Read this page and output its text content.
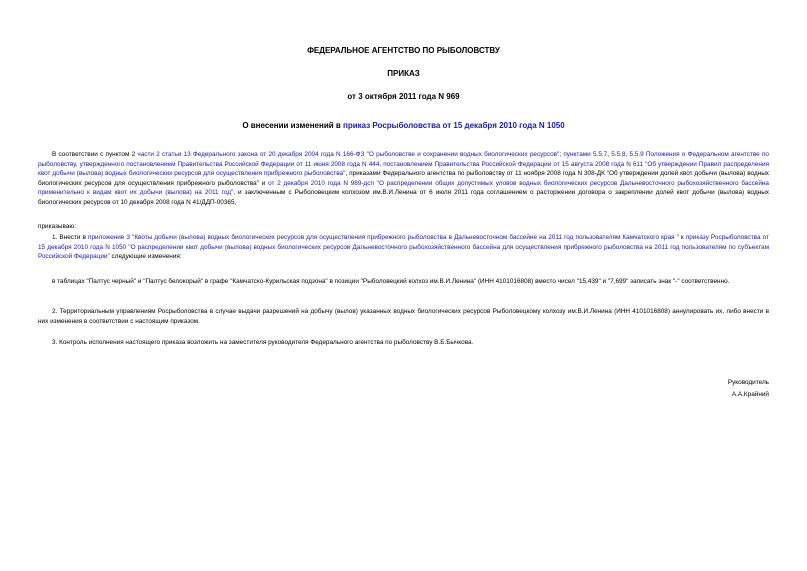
ФЕДЕРАЛЬНОЕ АГЕНТСТВО ПО РЫБОЛОВСТВУ
ПРИКАЗ
от 3 октября 2011 года N 969
О внесении изменений в приказ Росрыболовства от 15 декабря 2010 года N 1050
В соответствии с пунктом 2 части 2 статьи 13 Федерального закона от 20 декабря 2004 года N 166-ФЗ "О рыболовстве и сохранении водных биологических ресурсов"; пунктами 5.5.7, 5.5.8, 5.5.9 Положения о Федеральном агентстве по рыболовству, утвержденного постановлением Правительства Российской Федерации от 11 июня 2008 года N 444, постановлением Правительства Российской Федерации от 15 августа 2008 года N 611 "Об утверждении Правил распределения квот добычи (вылова) водных биологических ресурсов для осуществления прибрежного рыболовства", приказами Федерального агентства по рыболовству от 11 ноября 2008 года N 308-ДК "Об утверждении долей квот добычи (вылова) водных биологических ресурсов для осуществления прибрежного рыболовства" и от 2 декабря 2010 года N 989-дсп "О распределении общих допустимых уловов водных биологических ресурсов Дальневосточного рыбохозяйственного бассейна применительно к видам квот их добычи (вылова) на 2011 год", и заключенным с Рыболовецким колхозом им.В.И.Ленина от 6 июля 2011 года соглашением о расторжении договора о закреплении долей квот добычи (вылова) водных биологических ресурсов от 10 декабря 2008 года N 41/ДДП-00365,
приказываю:
1. Внести в приложение 3 "Квоты добычи (вылова) водных биологических ресурсов для осуществления прибрежного рыболовства в Дальневосточном бассейне на 2011 год пользователям Камчатского края " к приказу Росрыболовства от 15 декабря 2010 года N 1050 "О распределении квот добычи (вылова) водных биологических ресурсов Дальневосточного рыбохозяйственного бассейна для осуществления прибрежного рыболовства на 2011 год пользователям по субъектам Российской Федерации" следующие изменения:
в таблицах "Палтус черный" и "Палтус белокорый" в графе "Камчатско-Курильская подзона" в позиции "Рыболовецкий колхоз им.В.И.Ленина" (ИНН 4101016808) вместо чисел "15,439" и "7,699" записать знак "-" соответственно.
2. Территориальным управлениям Росрыболовства в случае выдачи разрешений на добычу (вылов) указанных водных биологических ресурсов Рыболовецкому колхозу им.В.И.Ленина (ИНН 4101016808) аннулировать их, либо внести в них изменения в соответствии с настоящим приказом.
3. Контроль исполнения настоящего приказа возложить на заместителя руководителя Федерального агентства по рыболовству В.Б.Бычкова.
Руководитель
А.А.Крайний
